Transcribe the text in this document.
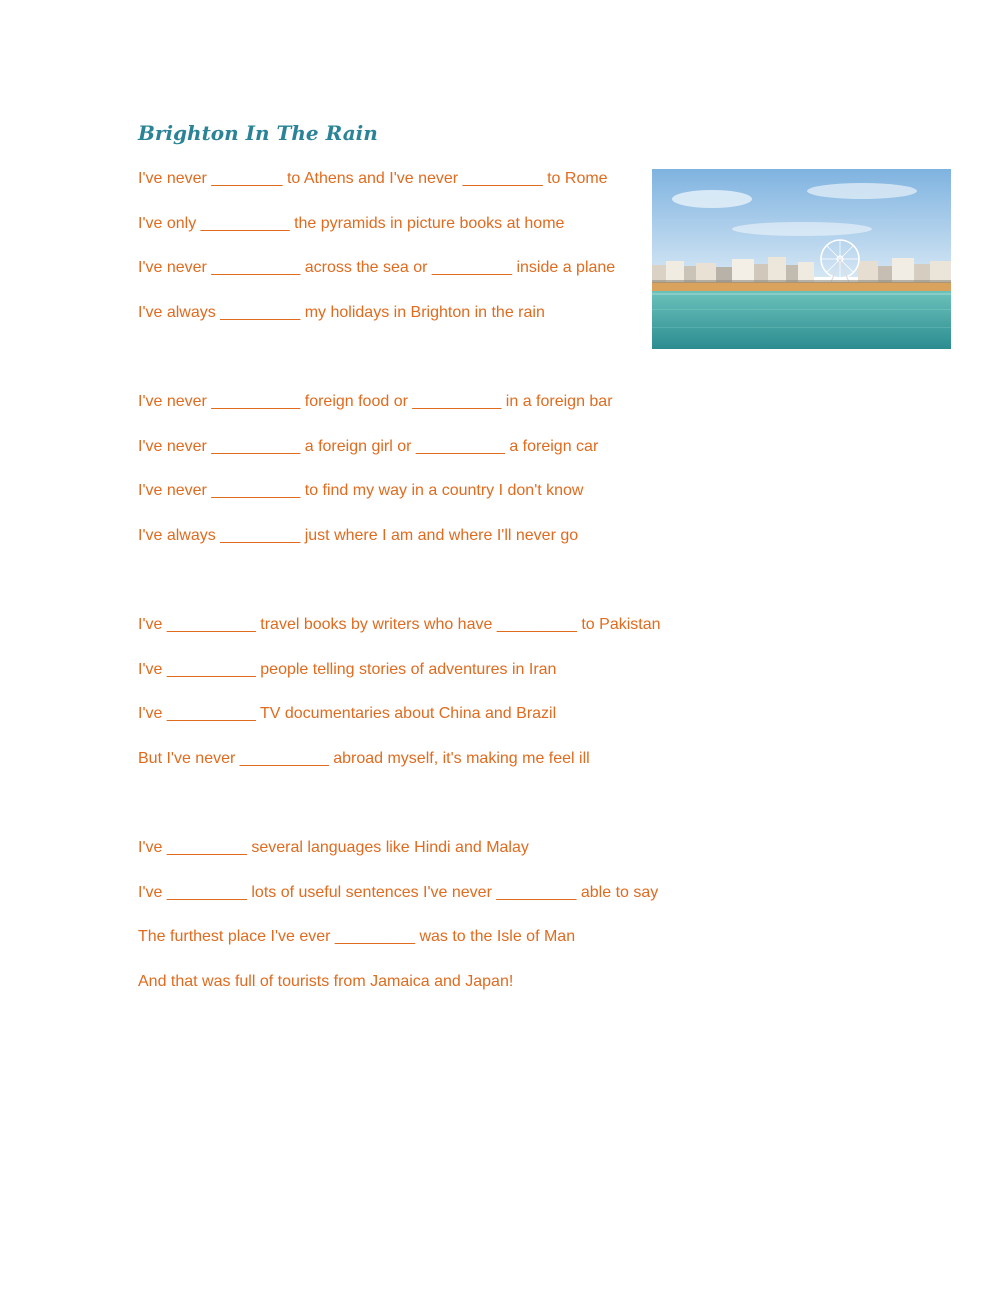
Brighton In The Rain
I've never ________ to Athens and I've never _________ to Rome
I've only __________ the pyramids in picture books at home
I've never __________ across the sea or _________ inside a plane
I've always _________ my holidays in Brighton in the rain
I've never __________ foreign food or __________ in a foreign bar
I've never __________ a foreign girl or __________ a foreign car
I've never __________ to find my way in a country I don't know
I've always _________ just where I am and where I'll never go
I've __________ travel books by writers who have _________ to Pakistan
I've __________ people telling stories of adventures in Iran
I've __________ TV documentaries about China and Brazil
But I've never __________ abroad myself, it's making me feel ill
I've _________ several languages like Hindi and Malay
I've _________ lots of useful sentences I've never _________ able to say
The furthest place I've ever _________ was to the Isle of Man
And that was full of tourists from Jamaica and Japan!
